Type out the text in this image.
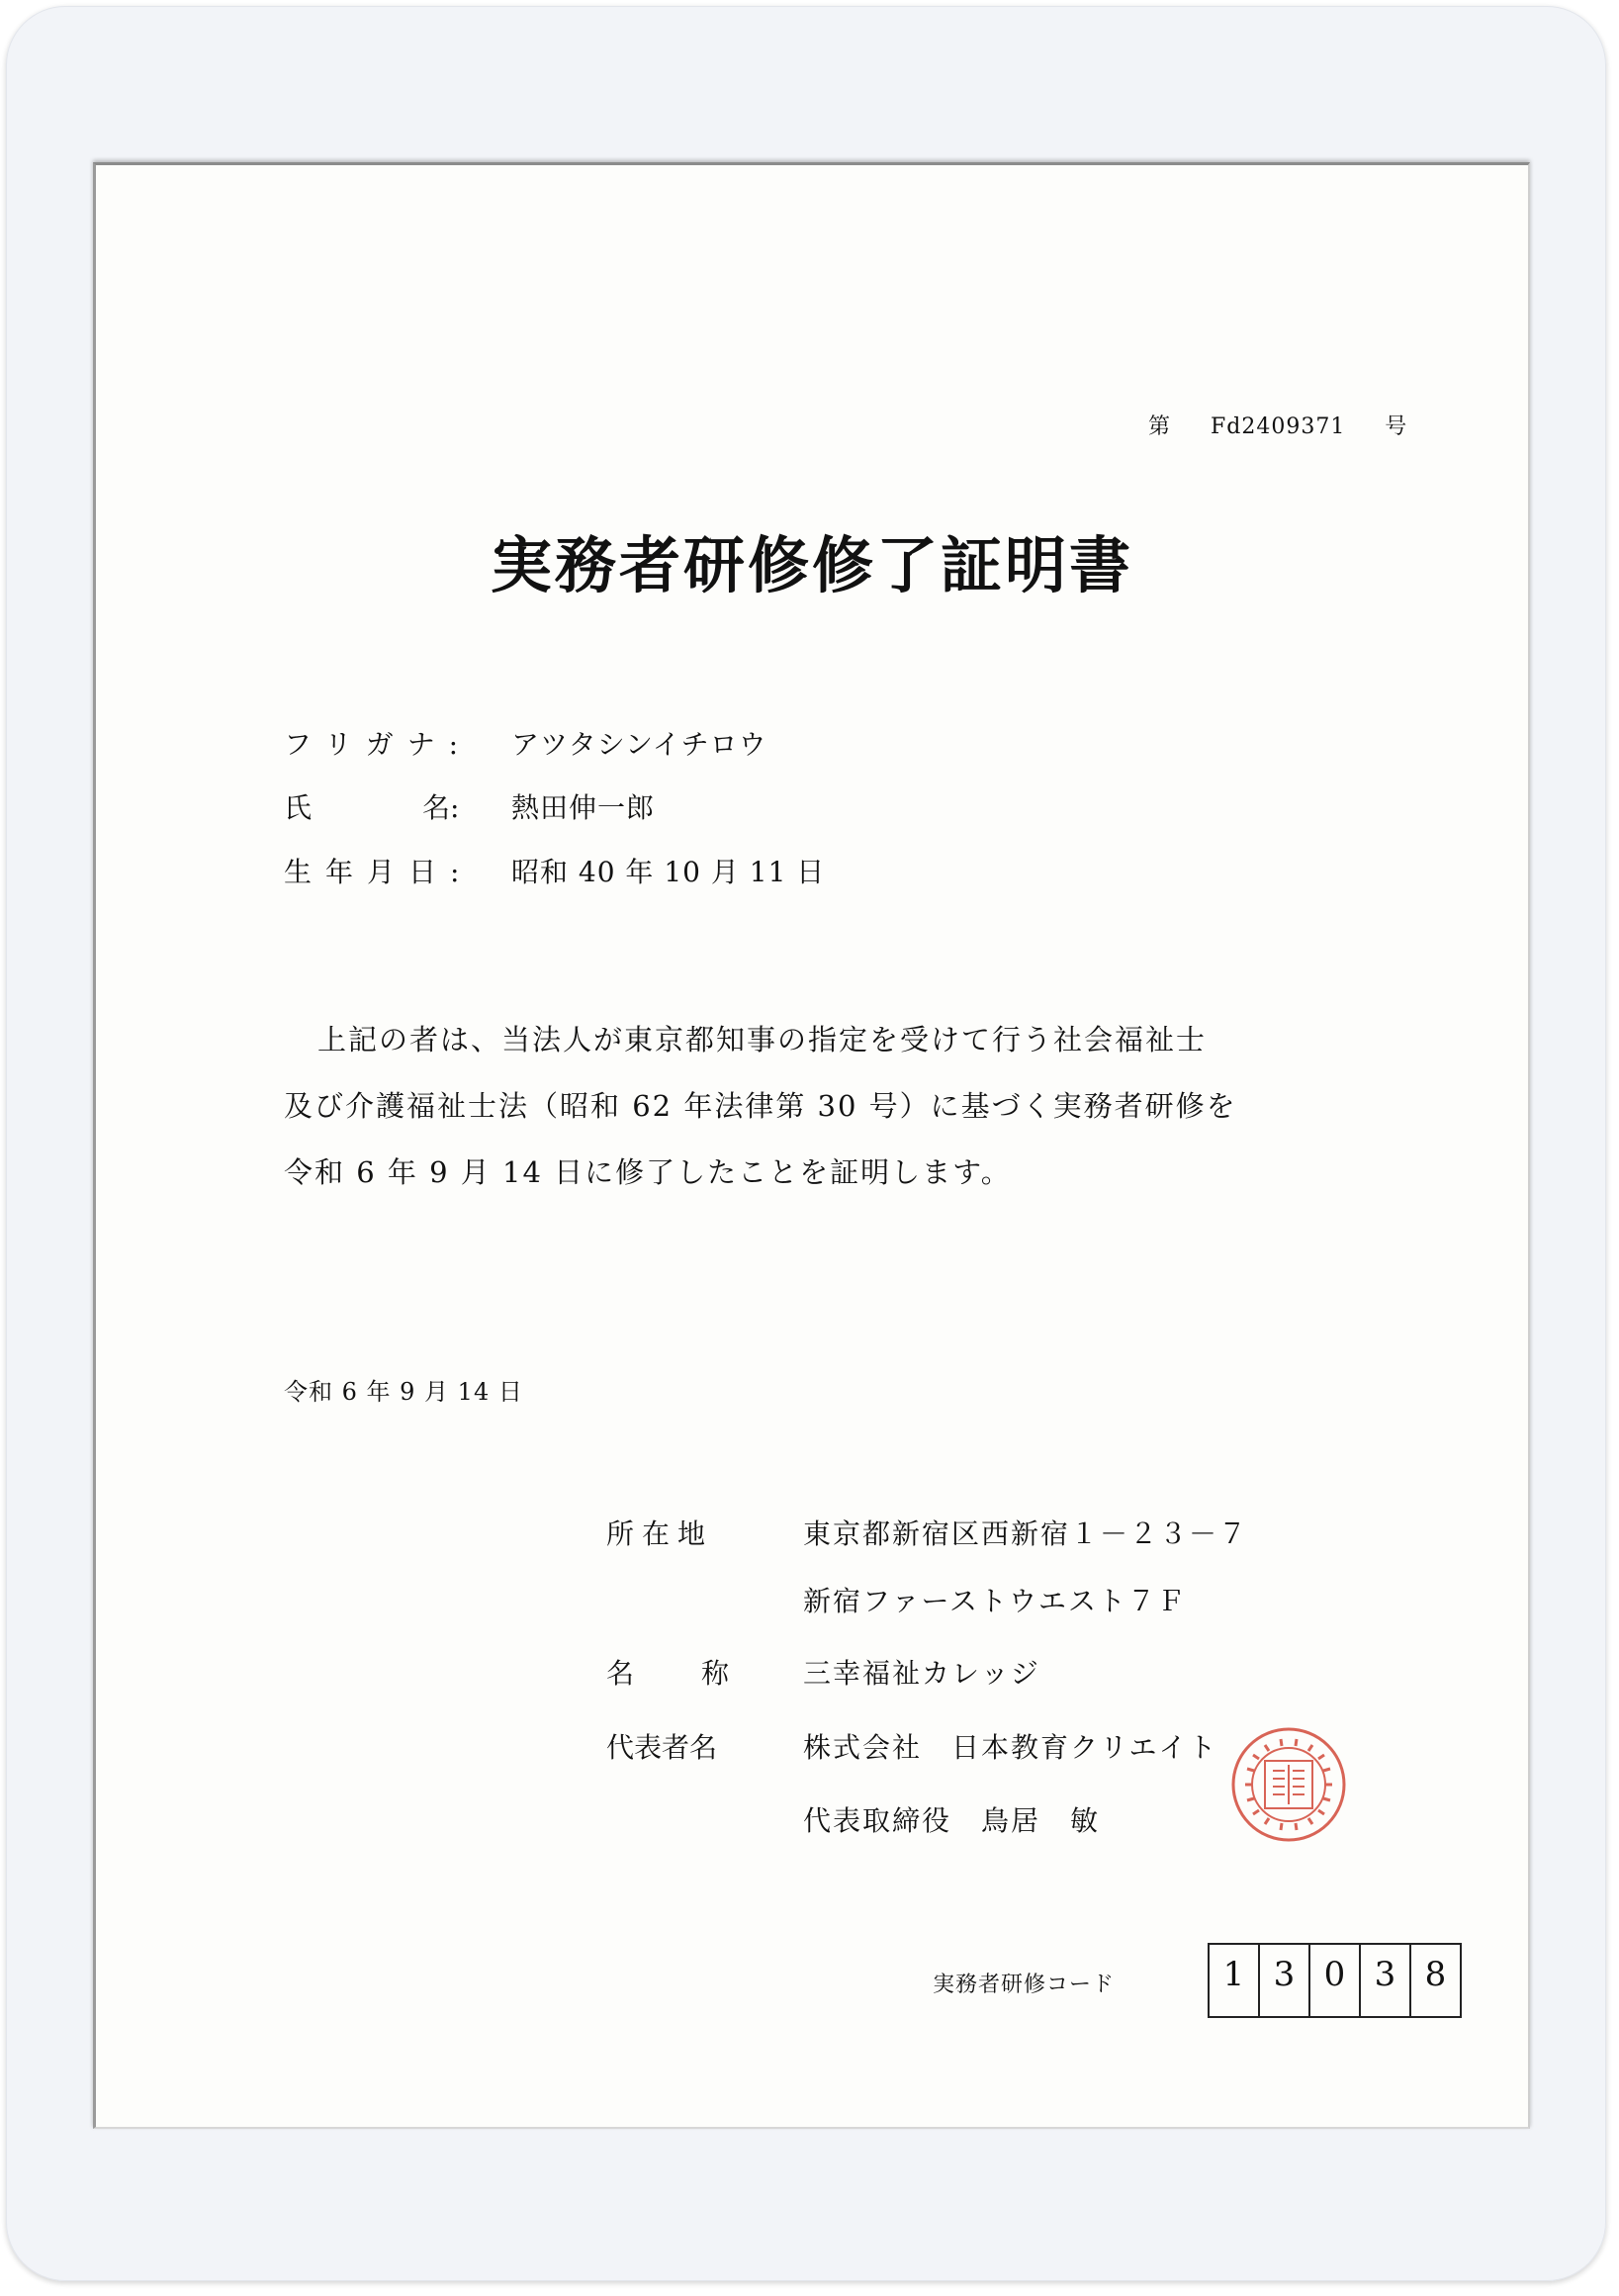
第 Fd2409371 号
実務者研修修了証明書
フリガナ: アツタシンイチロウ
氏	名: 熱田伸一郎
生年月日: 昭和 40 年 10 月 11 日
上記の者は、当法人が東京都知事の指定を受けて行う社会福祉士
及び介護福祉士法（昭和 62 年法律第 30 号）に基づく実務者研修を
令和 6 年 9 月 14 日に修了したことを証明します。
令和 6 年 9 月 14 日
所在地	東京都新宿区西新宿１－２３－７
新宿ファーストウエスト７Ｆ
名 称	三幸福祉カレッジ
代表者名	株式会社　日本教育クリエイト
代表取締役　鳥居　敏
実務者研修コード	1 3 0 3 8
